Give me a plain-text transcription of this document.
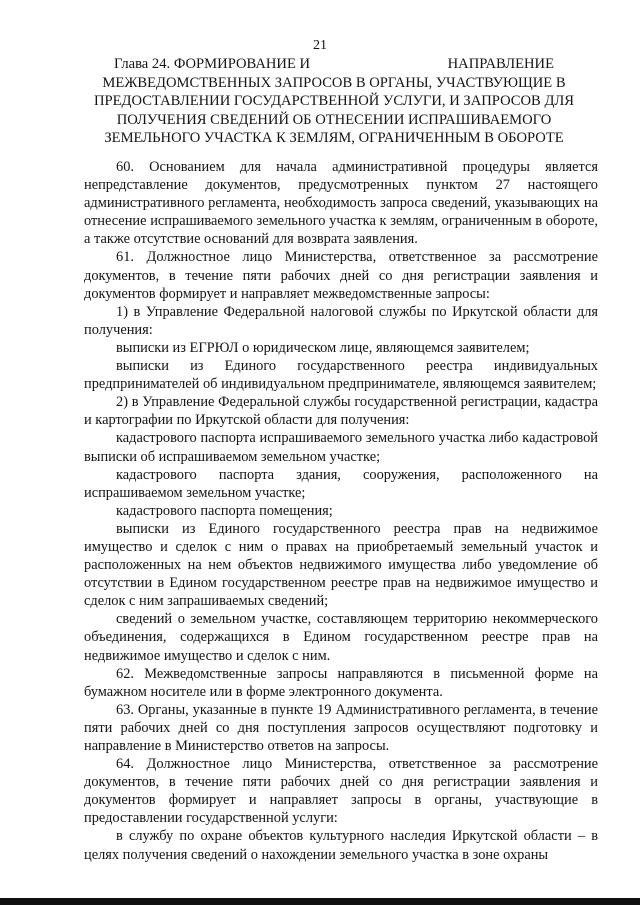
21
Глава 24. ФОРМИРОВАНИЕ И	НАПРАВЛЕНИЕ
МЕЖВЕДОМСТВЕННЫХ ЗАПРОСОВ В ОРГАНЫ, УЧАСТВУЮЩИЕ В
ПРЕДОСТАВЛЕНИИ ГОСУДАРСТВЕННОЙ УСЛУГИ, И ЗАПРОСОВ ДЛЯ
ПОЛУЧЕНИЯ СВЕДЕНИЙ ОБ ОТНЕСЕНИИ ИСПРАШИВАЕМОГО
ЗЕМЕЛЬНОГО УЧАСТКА К ЗЕМЛЯМ, ОГРАНИЧЕННЫМ В ОБОРОТЕ

60. Основанием для начала административной процедуры является непредставление документов, предусмотренных пунктом 27 настоящего административного регламента, необходимость запроса сведений, указывающих на отнесение испрашиваемого земельного участка к землям, ограниченным в обороте, а также отсутствие оснований для возврата заявления.

61. Должностное лицо Министерства, ответственное за рассмотрение документов, в течение пяти рабочих дней со дня регистрации заявления и документов формирует и направляет межведомственные запросы:

1) в Управление Федеральной налоговой службы по Иркутской области для получения:

выписки из ЕГРЮЛ о юридическом лице, являющемся заявителем;

выписки из Единого государственного реестра индивидуальных предпринимателей об индивидуальном предпринимателе, являющемся заявителем;

2) в Управление Федеральной службы государственной регистрации, кадастра и картографии по Иркутской области для получения:

кадастрового паспорта испрашиваемого земельного участка либо кадастровой выписки об испрашиваемом земельном участке;

кадастрового паспорта здания, сооружения, расположенного на испрашиваемом земельном участке;

кадастрового паспорта помещения;

выписки из Единого государственного реестра прав на недвижимое имущество и сделок с ним о правах на приобретаемый земельный участок и расположенных на нем объектов недвижимого имущества либо уведомление об отсутствии в Едином государственном реестре прав на недвижимое имущество и сделок с ним запрашиваемых сведений;

сведений о земельном участке, составляющем территорию некоммерческого объединения, содержащихся в Едином государственном реестре прав на недвижимое имущество и сделок с ним.

62. Межведомственные запросы направляются в письменной форме на бумажном носителе или в форме электронного документа.

63. Органы, указанные в пункте 19 Административного регламента, в течение пяти рабочих дней со дня поступления запросов осуществляют подготовку и направление в Министерство ответов на запросы.

64. Должностное лицо Министерства, ответственное за рассмотрение документов, в течение пяти рабочих дней со дня регистрации заявления и документов формирует и направляет запросы в органы, участвующие в предоставлении государственной услуги:

в службу по охране объектов культурного наследия Иркутской области – в целях получения сведений о нахождении земельного участка в зоне охраны
